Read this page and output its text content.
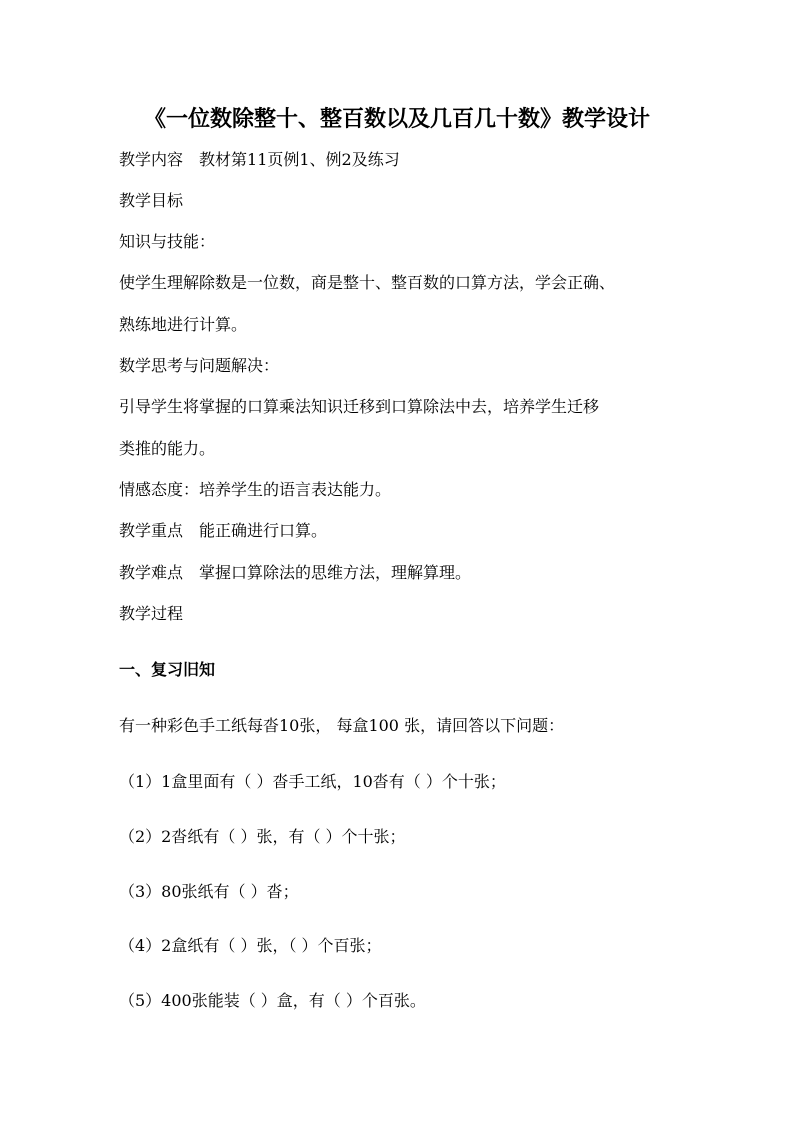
《一位数除整十、整百数以及几百几十数》教学设计
教学内容 教材第11页例1、例2及练习
教学目标
知识与技能：
使学生理解除数是一位数，商是整十、整百数的口算方法，学会正确、
熟练地进行计算。
数学思考与问题解决：
引导学生将掌握的口算乘法知识迁移到口算除法中去，培养学生迁移
类推的能力。
情感态度：培养学生的语言表达能力。
教学重点 能正确进行口算。
教学难点 掌握口算除法的思维方法，理解算理。
教学过程
一、复习旧知
有一种彩色手工纸每沓10张， 每盒100 张，请回答以下问题：
（1）1盒里面有（ ）沓手工纸，10沓有（ ）个十张；
（2）2沓纸有（ ）张，有（ ）个十张；
（3）80张纸有（ ）沓；
（4）2盒纸有（ ）张，（ ）个百张；
（5）400张能装（ ）盒，有（ ）个百张。
